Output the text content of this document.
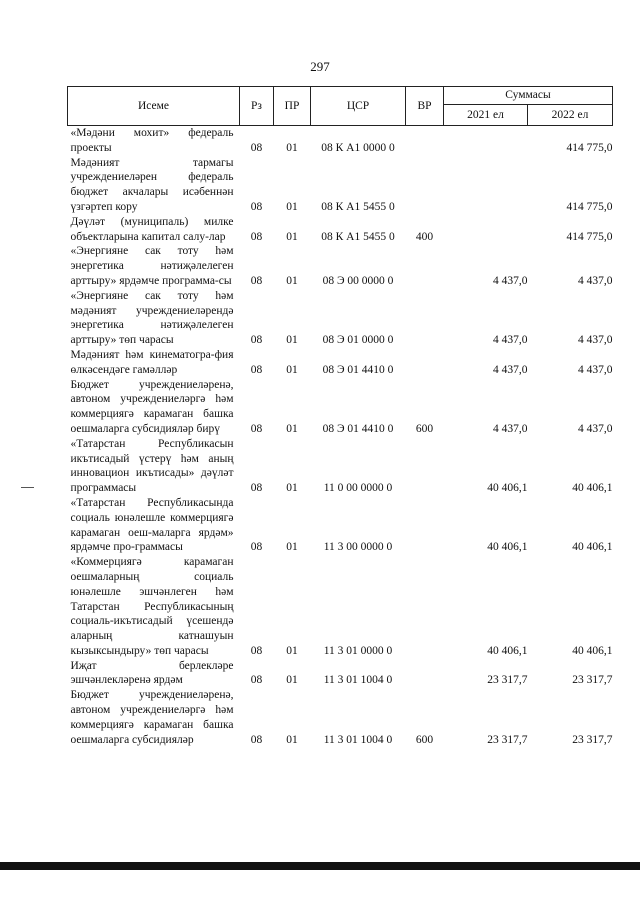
297
Исеме	Рз	ПР	ЦСР	ВР	Суммасы	
					2021 ел	2022 ел
«Мәдәни мохит» федераль проекты	08	01	08 К А1 0000 0			414 775,0
Мәдәният тармагы учреждениеләрен федераль бюджет акчалары исәбеннән үзгәртеп кору	08	01	08 К А1 5455 0			414 775,0
Дәүләт (муниципаль) милке объектларына капитал салу-лар	08	01	08 К А1 5455 0	400		414 775,0
«Энергияне сак тоту һәм энергетика нәтиҗәлелеген арттыру» ярдәмче программа-сы	08	01	08 Э 00 0000 0		4 437,0	4 437,0
«Энергияне сак тоту һәм мәдәният учреждениеләрендә энергетика нәтиҗәлелеген арттыру» төп чарасы	08	01	08 Э 01 0000 0		4 437,0	4 437,0
Мәдәният һәм кинематогра-фия өлкәсендәге гамәлләр	08	01	08 Э 01 4410 0		4 437,0	4 437,0
Бюджет учреждениеләренә, автоном учреждениеләргә һәм коммерциягә карамаган башка оешмаларга субсидияләр бирү	08	01	08 Э 01 4410 0	600	4 437,0	4 437,0
«Татарстан Республикасын икътисадый үстерү һәм аның инновацион икътисады» дәүләт программасы	08	01	11 0 00 0000 0		40 406,1	40 406,1
«Татарстан Республикасында социаль юнәлешле коммерциягә карамаган оеш-маларга ярдәм» ярдәмче про-граммасы	08	01	11 3 00 0000 0		40 406,1	40 406,1
«Коммерциягә карамаган оешмаларның социаль юнәлешле эшчәнлеген һәм Татарстан Республикасының социаль-икътисадый үсешендә аларның катнашуын кызыксындыру» төп чарасы	08	01	11 3 01 0000 0		40 406,1	40 406,1
Иҗат берлекләре эшчәнлекләренә ярдәм	08	01	11 3 01 1004 0		23 317,7	23 317,7
Бюджет учреждениеләренә, автоном учреждениеләргә һәм коммерциягә карамаган башка оешмаларга субсидияләр	08	01	11 3 01 1004 0	600	23 317,7	23 317,7
